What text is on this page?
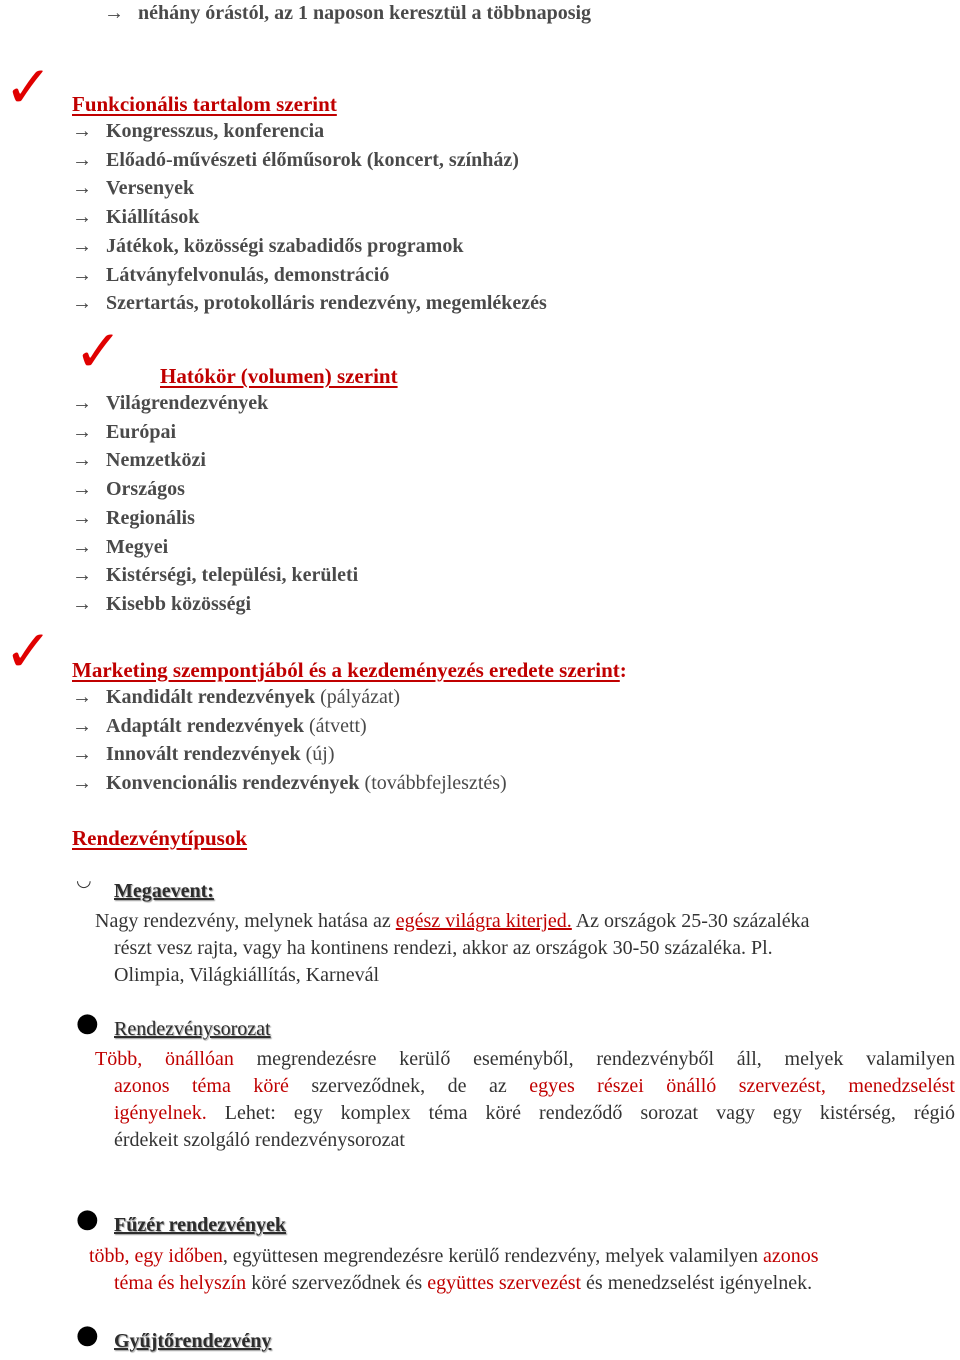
→ néhány órástól, az 1 naposon keresztül a többnaposig
✓ Funkcionális tartalom szerint
→ Kongresszus, konferencia
→ Előadó-művészeti élőműsorok (koncert, színház)
→ Versenyek
→ Kiállítások
→ Játékok, közösségi szabadidős programok
→ Látványfelvonulás, demonstráció
→ Szertartás, protokolláris rendezvény, megemlékezés
✓ Hatókör (volumen) szerint
→ Világrendezvények
→ Európai
→ Nemzetközi
→ Országos
→ Regionális
→ Megyei
→ Kistérségi, települési, kerületi
→ Kisebb közösségi
✓ Marketing szempontjából és a kezdeményezés eredete szerint:
→ Kandidált rendezvények (pályázat)
→ Adaptált rendezvények (átvett)
→ Innovált rendezvények (új)
→ Konvencionális rendezvények (továbbfejlesztés)
Rendezvénytípusok
◡ Megaevent:
Nagy rendezvény, melynek hatása az egész világra kiterjed. Az országok 25-30 százaléka
részt vesz rajta, vagy ha kontinens rendezi, akkor az országok 30-50 százaléka. Pl.
Olimpia, Világkiállítás, Karnevál
● Rendezvénysorozat
Több, önállóan megrendezésre kerülő eseményből, rendezvényből áll, melyek valamilyen
azonos téma köré szerveződnek, de az egyes részei önálló szervezést, menedzselést
igényelnek. Lehet: egy komplex téma köré rendeződő sorozat vagy egy kistérség, régió
érdekeit szolgáló rendezvénysorozat
● Fűzér rendezvények
több, egy időben, együttesen megrendezésre kerülő rendezvény, melyek valamilyen azonos
téma és helyszín köré szerveződnek és együttes szervezést és menedzselést igényelnek.
● Gyűjtőrendezvény
